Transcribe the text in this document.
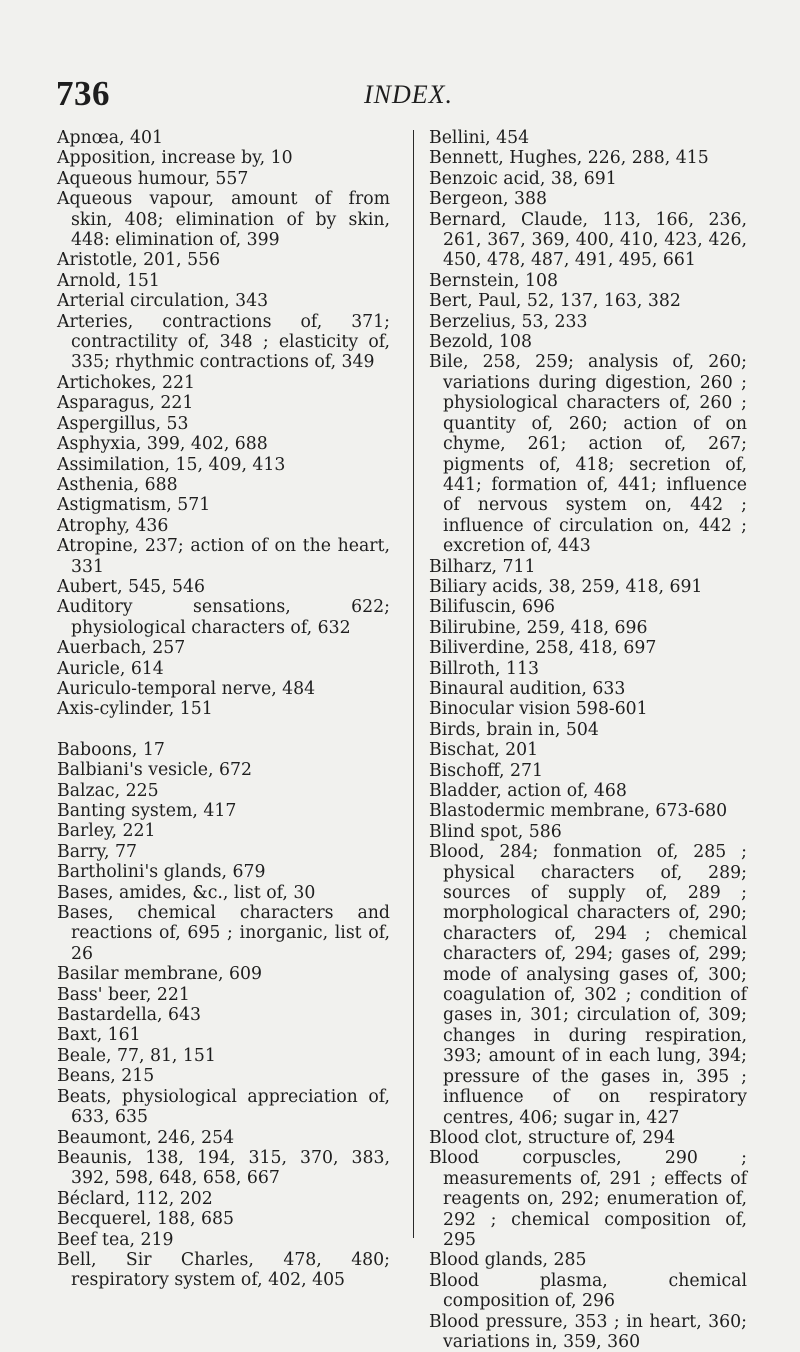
736	INDEX.
Apnœa, 401
Apposition, increase by, 10
Aqueous humour, 557
Aqueous vapour, amount of from skin, 408; elimination of by skin, 448: elimination of, 399
Aristotle, 201, 556
Arnold, 151
Arterial circulation, 343
Arteries, contractions of, 371; contractility of, 348 ; elasticity of, 335; rhythmic contractions of, 349
Artichokes, 221
Asparagus, 221
Aspergillus, 53
Asphyxia, 399, 402, 688
Assimilation, 15, 409, 413
Asthenia, 688
Astigmatism, 571
Atrophy, 436
Atropine, 237; action of on the heart, 331
Aubert, 545, 546
Auditory sensations, 622; physiological characters of, 632
Auerbach, 257
Auricle, 614
Auriculo-temporal nerve, 484
Axis-cylinder, 151
Baboons, 17
Balbiani's vesicle, 672
Balzac, 225
Banting system, 417
Barley, 221
Barry, 77
Bartholini's glands, 679
Bases, amides, &c., list of, 30
Bases, chemical characters and reactions of, 695 ; inorganic, list of, 26
Basilar membrane, 609
Bass' beer, 221
Bastardella, 643
Baxt, 161
Beale, 77, 81, 151
Beans, 215
Beats, physiological appreciation of, 633, 635
Beaumont, 246, 254
Beaunis, 138, 194, 315, 370, 383, 392, 598, 648, 658, 667
Béclard, 112, 202
Becquerel, 188, 685
Beef tea, 219
Bell, Sir Charles, 478, 480; respiratory system of, 402, 405
Bellini, 454
Bennett, Hughes, 226, 288, 415
Benzoic acid, 38, 691
Bergeon, 388
Bernard, Claude, 113, 166, 236, 261, 367, 369, 400, 410, 423, 426, 450, 478, 487, 491, 495, 661
Bernstein, 108
Bert, Paul, 52, 137, 163, 382
Berzelius, 53, 233
Bezold, 108
Bile, 258, 259; analysis of, 260; variations during digestion, 260 ; physiological characters of, 260 ; quantity of, 260; action of on chyme, 261; action of, 267; pigments of, 418; secretion of, 441; formation of, 441; influence of nervous system on, 442 ; influence of circulation on, 442 ; excretion of, 443
Bilharz, 711
Biliary acids, 38, 259, 418, 691
Bilifuscin, 696
Bilirubine, 259, 418, 696
Biliverdine, 258, 418, 697
Billroth, 113
Binaural audition, 633
Binocular vision 598-601
Birds, brain in, 504
Bischat, 201
Bischoff, 271
Bladder, action of, 468
Blastodermic membrane, 673-680
Blind spot, 586
Blood, 284; fonmation of, 285 ; physical characters of, 289; sources of supply of, 289 ; morphological characters of, 290; characters of, 294 ; chemical characters of, 294; gases of, 299; mode of analysing gases of, 300; coagulation of, 302 ; condition of gases in, 301; circulation of, 309; changes in during respiration, 393; amount of in each lung, 394; pressure of the gases in, 395 ; influence of on respiratory centres, 406; sugar in, 427
Blood clot, structure of, 294
Blood corpuscles, 290 ; measurements of, 291 ; effects of reagents on, 292; enumeration of, 292 ; chemical composition of, 295
Blood glands, 285
Blood plasma, chemical composition of, 296
Blood pressure, 353 ; in heart, 360; variations in, 359, 360
